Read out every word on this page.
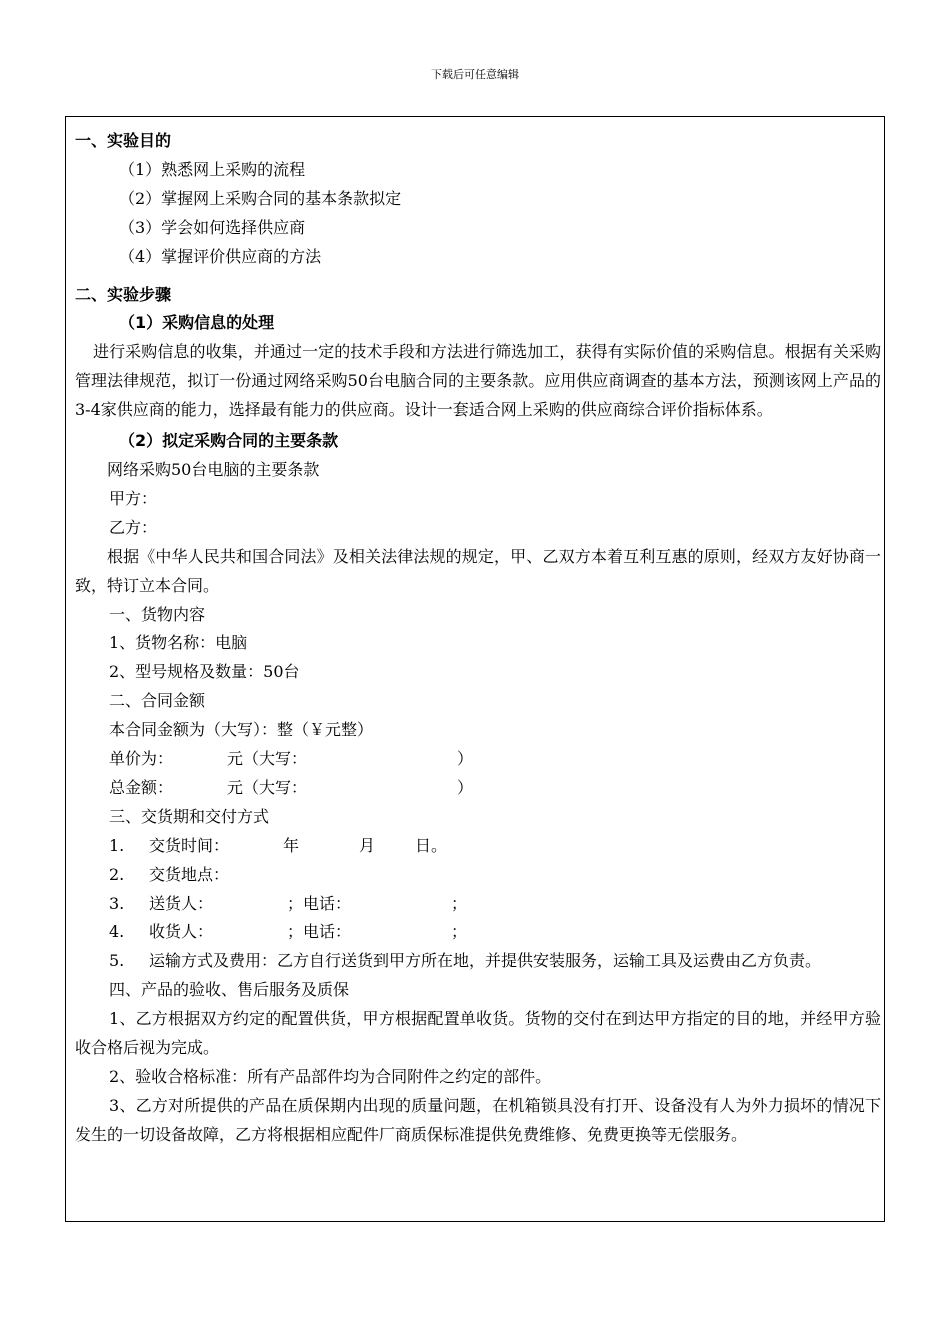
下载后可任意编辑

一、实验目的

（1）熟悉网上采购的流程

（2）掌握网上采购合同的基本条款拟定

（3）学会如何选择供应商

（4）掌握评价供应商的方法

二、实验步骤

（1）采购信息的处理

进行采购信息的收集，并通过一定的技术手段和方法进行筛选加工，获得有实际价值的采购信息。根据有关采购管理法律规范，拟订一份通过网络采购50台电脑合同的主要条款。应用供应商调查的基本方法，预测该网上产品的3-4家供应商的能力，选择最有能力的供应商。设计一套适合网上采购的供应商综合评价指标体系。

（2）拟定采购合同的主要条款

网络采购50台电脑的主要条款

甲方：

乙方：

根据《中华人民共和国合同法》及相关法律法规的规定，甲、乙双方本着互利互惠的原则，经双方友好协商一致，特订立本合同。

一、货物内容

1、货物名称：电脑

2、型号规格及数量：50台

二、合同金额

本合同金额为（大写）：整（￥元整）

单价为：	元（大写：	）

总金额：	元（大写：	）

三、交货期和交付方式

1. 交货时间：	年	月 日。

2. 交货地点：

3. 送货人：	；电话：	；

4. 收货人：	；电话：	；

5. 运输方式及费用：乙方自行送货到甲方所在地，并提供安装服务，运输工具及运费由乙方负责。

四、产品的验收、售后服务及质保

1、乙方根据双方约定的配置供货，甲方根据配置单收货。货物的交付在到达甲方指定的目的地，并经甲方验收合格后视为完成。

2、验收合格标准：所有产品部件均为合同附件之约定的部件。

3、乙方对所提供的产品在质保期内出现的质量问题，在机箱锁具没有打开、设备没有人为外力损坏的情况下发生的一切设备故障，乙方将根据相应配件厂商质保标准提供免费维修、免费更换等无偿服务。
